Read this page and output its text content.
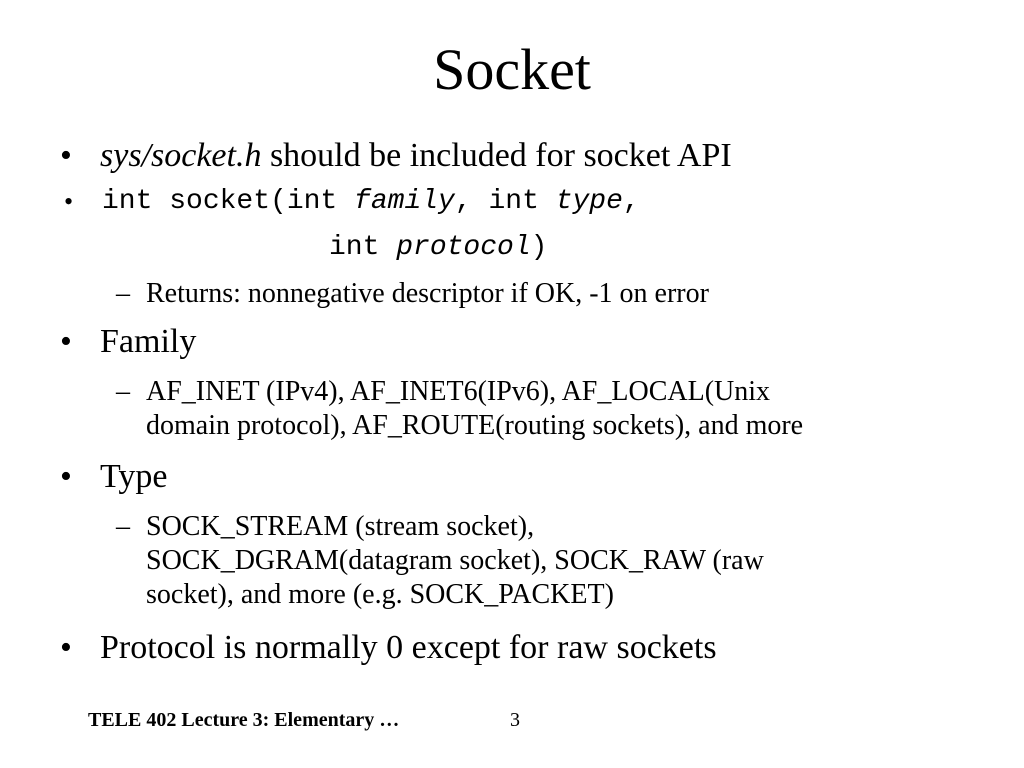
Socket
• sys/socket.h should be included for socket API
• int socket(int family, int type,
int protocol)
– Returns: nonnegative descriptor if OK, -1 on error
• Family
– AF_INET (IPv4), AF_INET6(IPv6), AF_LOCAL(Unix
domain protocol), AF_ROUTE(routing sockets), and more
• Type
– SOCK_STREAM (stream socket),
SOCK_DGRAM(datagram socket), SOCK_RAW (raw
socket), and more (e.g. SOCK_PACKET)
• Protocol is normally 0 except for raw sockets
TELE 402 Lecture 3: Elementary …	3
